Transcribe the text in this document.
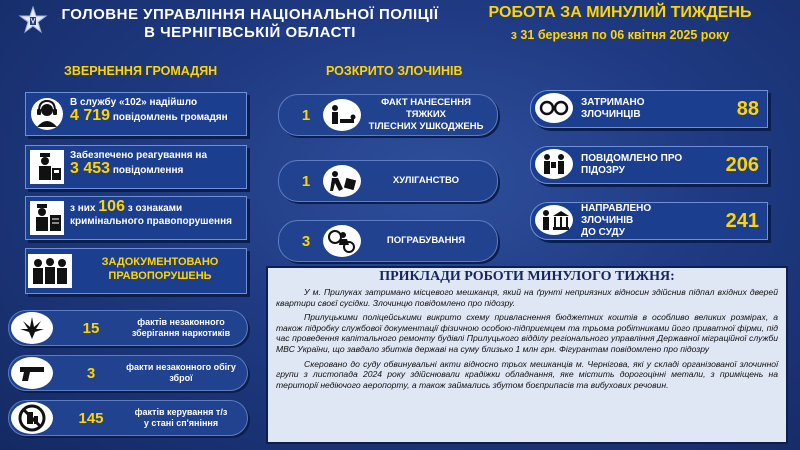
ГОЛОВНЕ УПРАВЛІННЯ НАЦІОНАЛЬНОЇ ПОЛІЦІЇ
В ЧЕРНІГІВСЬКІЙ ОБЛАСТІ
РОБОТА ЗА МИНУЛИЙ ТИЖДЕНЬ
з 31 березня по 06 квітня 2025 року
ЗВЕРНЕННЯ ГРОМАДЯН
В службу «102» надійшло
4 719 повідомлень громадян
Забезпечено реагування на
3 453 повідомлення
з них 106 з ознаками
кримінального правопорушення
ЗАДОКУМЕНТОВАНО
ПРАВОПОРУШЕНЬ
15	фактів незаконного
зберігання наркотиків
3	факти незаконного обігу
зброї
145	фактів керування т/з
у стані сп'яніння
РОЗКРИТО ЗЛОЧИНІВ
1
ФАКТ НАНЕСЕННЯ ТЯЖКИХ
ТІЛЕСНИХ УШКОДЖЕНЬ
1	ХУЛІГАНСТВО
3	ПОГРАБУВАННЯ
ЗАТРИМАНО ЗЛОЧИНЦІВ	88
ПОВІДОМЛЕНО ПРО
ПІДОЗРУ	206
НАПРАВЛЕНО ЗЛОЧИНІВ
ДО СУДУ
241
ПРИКЛАДИ РОБОТИ МИНУЛОГО ТИЖНЯ:

У м. Прилуках затримано місцевого мешканця, який на ґрунті неприязних відносин здійснив підпал вхідних дверей квартири своєї сусідки. Злочинцю повідомлено про підозру.

Прилуцькими поліцейськими викрито схему привласнення бюджетних коштів в особливо великих розмірах, а також підробку службової документації фізичною особою-підприємцем та трьома робітниками його приватної фірми, під час проведення капітального ремонту будівлі Прилуцького відділу регіонального управління Державної міграційної служби МВС України, що завдало збитків державі на суму близько 1 млн грн. Фігурантам повідомлено про підозру

Скеровано до суду обвинувальні акти відносно трьох мешканців м. Чернігова, які у складі організованої злочинної групи з листопада 2024 року здійснювали крадіжки обладнання, яке містить дорогоцінні метали, з приміщень на території недіючого аеропорту, а також займались збутом боєприпасів та вибухових речовин.
